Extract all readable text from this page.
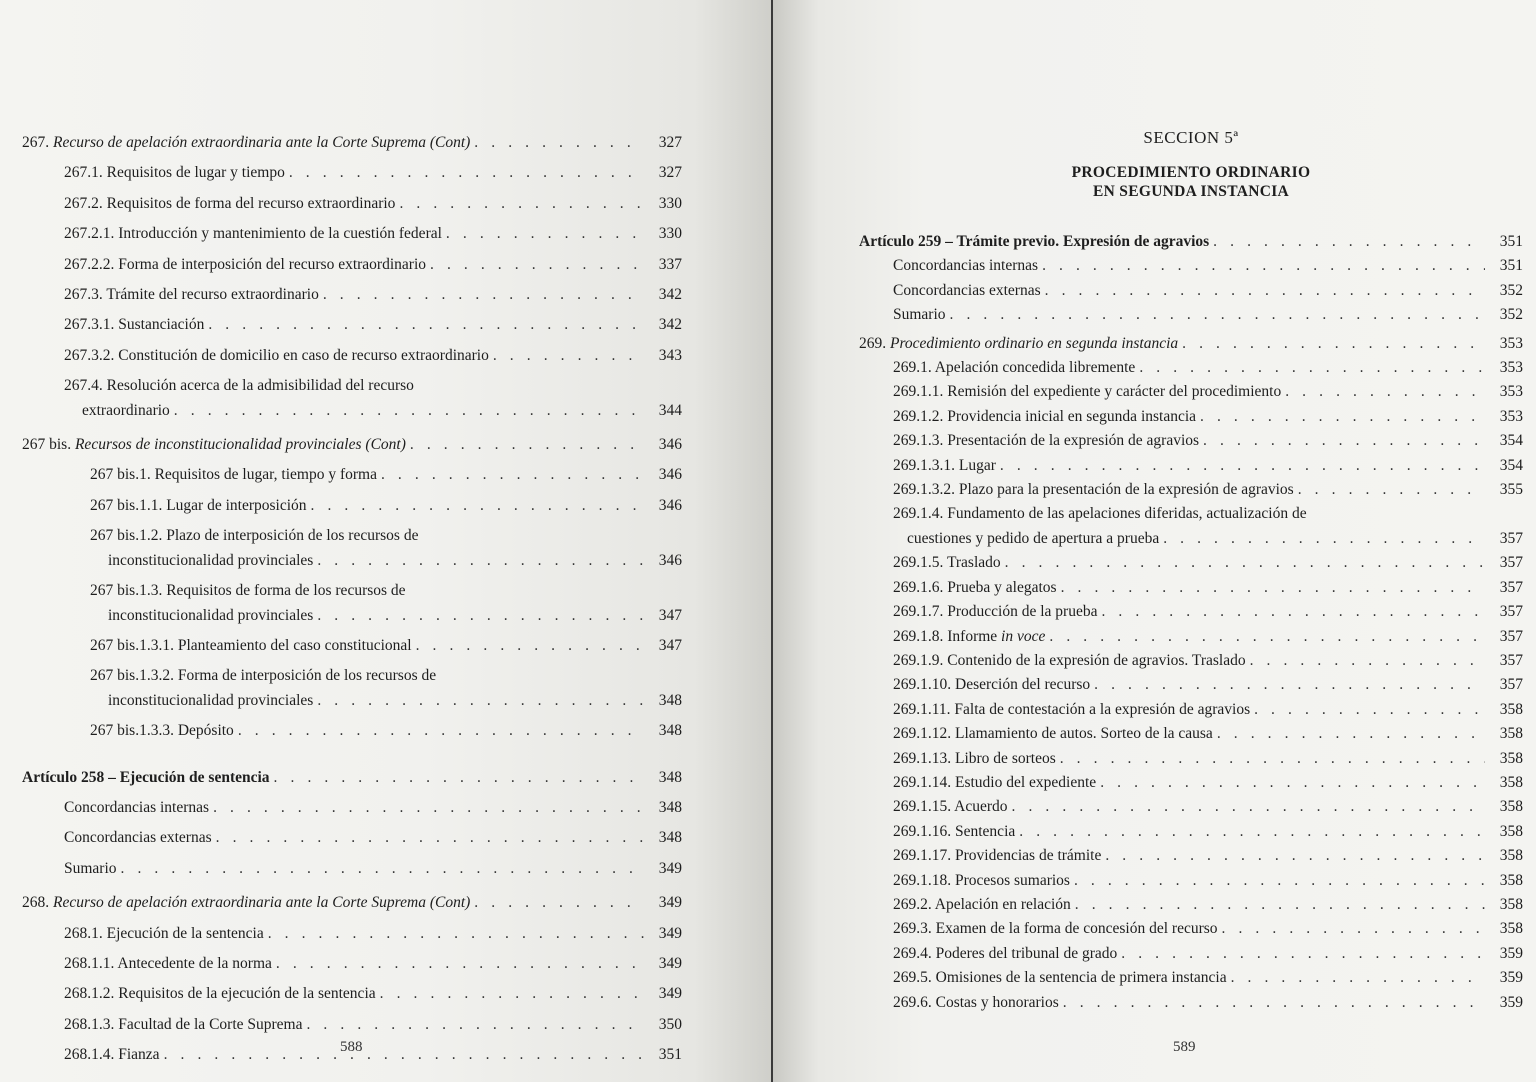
267. Recurso de apelación extraordinaria ante la Corte Suprema (Cont) . . .	327
267.1. Requisitos de lugar y tiempo . . .	327
267.2. Requisitos de forma del recurso extraordinario . . .	330
267.2.1. Introducción y mantenimiento de la cuestión federal . . .	330
267.2.2. Forma de interposición del recurso extraordinario . . .	337
267.3. Trámite del recurso extraordinario . . .	342
267.3.1. Sustanciación . . .	342
267.3.2. Constitución de domicilio en caso de recurso extraordinario . . .	343
267.4. Resolución acerca de la admisibilidad del recurso
extraordinario . . .	344
267 bis. Recursos de inconstitucionalidad provinciales (Cont) . . .	346
267 bis.1. Requisitos de lugar, tiempo y forma . . .	346
267 bis.1.1. Lugar de interposición . . .	346
267 bis.1.2. Plazo de interposición de los recursos de
inconstitucionalidad provinciales . . .	346
267 bis.1.3. Requisitos de forma de los recursos de
inconstitucionalidad provinciales . . .	347
267 bis.1.3.1. Planteamiento del caso constitucional . . .	347
267 bis.1.3.2. Forma de interposición de los recursos de
inconstitucionalidad provinciales . . .	348
267 bis.1.3.3. Depósito . . .	348
Artículo 258 – Ejecución de sentencia . . .	348
Concordancias internas . . .	348
Concordancias externas . . .	348
Sumario . . .	349
268. Recurso de apelación extraordinaria ante la Corte Suprema (Cont) . . .	349
268.1. Ejecución de la sentencia . . .	349
268.1.1. Antecedente de la norma . . .	349
268.1.2. Requisitos de la ejecución de la sentencia . . .	349
268.1.3. Facultad de la Corte Suprema . . .	350
268.1.4. Fianza . . .	351
588
SECCION 5ª
PROCEDIMIENTO ORDINARIO
EN SEGUNDA INSTANCIA
Artículo 259 – Trámite previo. Expresión de agravios . . .	351
Concordancias internas . . .	351
Concordancias externas . . .	352
Sumario . . .	352
269. Procedimiento ordinario en segunda instancia . . .	353
269.1. Apelación concedida libremente . . .	353
269.1.1. Remisión del expediente y carácter del procedimiento . . .	353
269.1.2. Providencia inicial en segunda instancia . . .	353
269.1.3. Presentación de la expresión de agravios . . .	354
269.1.3.1. Lugar . . .	354
269.1.3.2. Plazo para la presentación de la expresión de agravios . . .	355
269.1.4. Fundamento de las apelaciones diferidas, actualización de
cuestiones y pedido de apertura a prueba . . .	357
269.1.5. Traslado . . .	357
269.1.6. Prueba y alegatos . . .	357
269.1.7. Producción de la prueba . . .	357
269.1.8. Informe in voce . . .	357
269.1.9. Contenido de la expresión de agravios. Traslado . . .	357
269.1.10. Deserción del recurso . . .	357
269.1.11. Falta de contestación a la expresión de agravios . . .	358
269.1.12. Llamamiento de autos. Sorteo de la causa . . .	358
269.1.13. Libro de sorteos . . .	358
269.1.14. Estudio del expediente . . .	358
269.1.15. Acuerdo . . .	358
269.1.16. Sentencia . . .	358
269.1.17. Providencias de trámite . . .	358
269.1.18. Procesos sumarios . . .	358
269.2. Apelación en relación . . .	358
269.3. Examen de la forma de concesión del recurso . . .	358
269.4. Poderes del tribunal de grado . . .	359
269.5. Omisiones de la sentencia de primera instancia . . .	359
269.6. Costas y honorarios . . .	359
589
